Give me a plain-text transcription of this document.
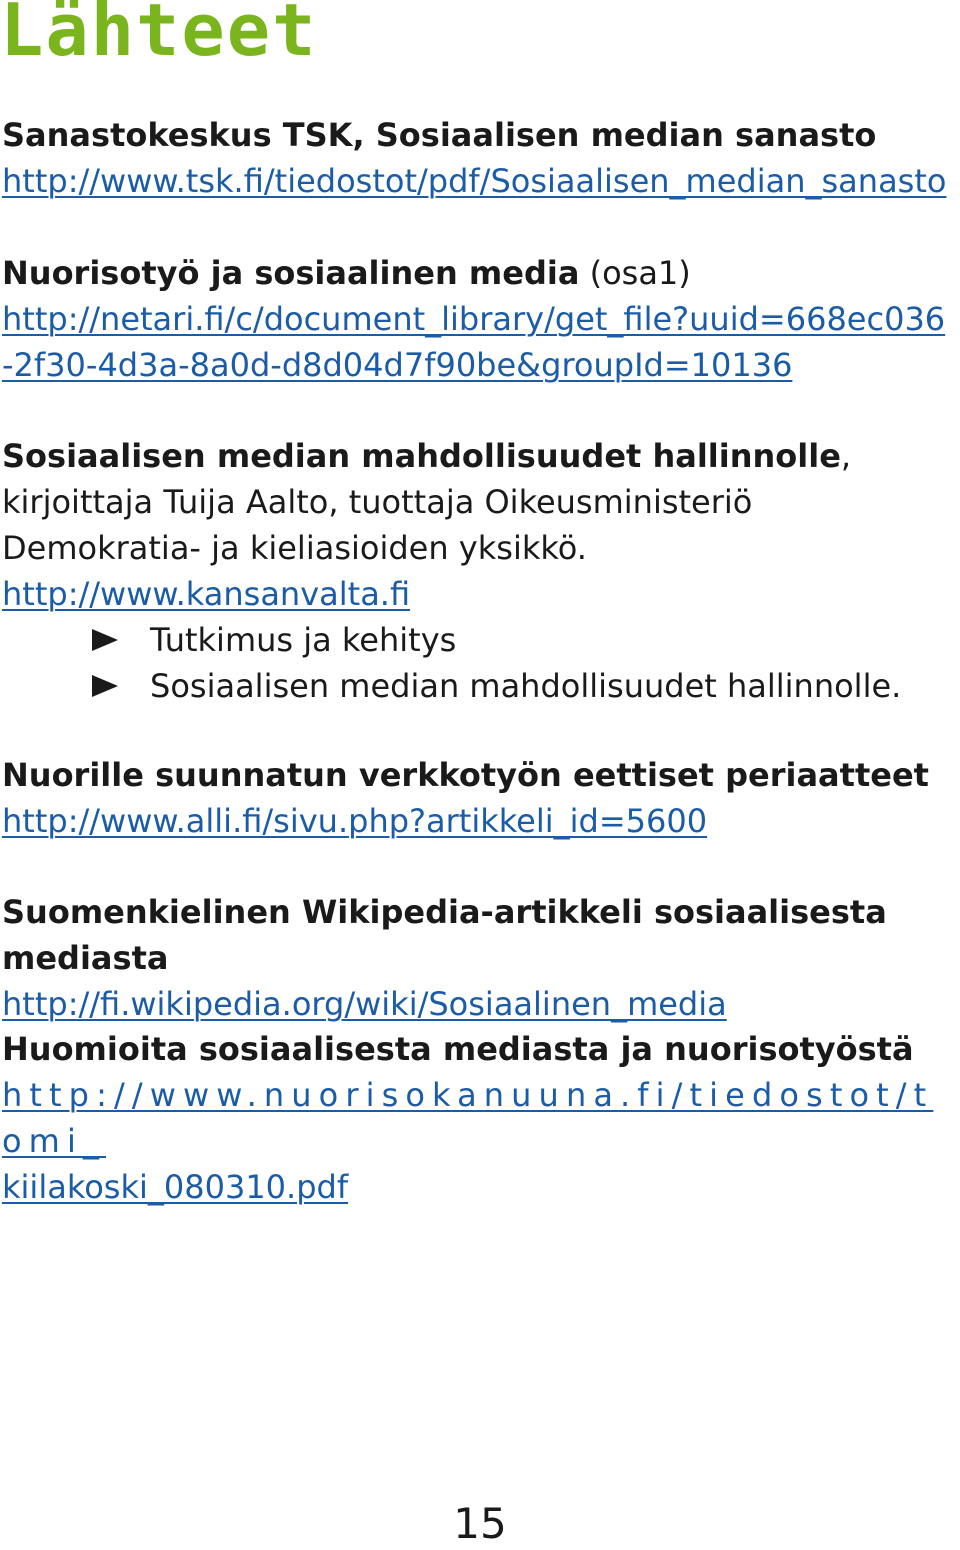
Lähteet
Sanastokeskus TSK, Sosiaalisen median sanasto
http://www.tsk.fi/tiedostot/pdf/Sosiaalisen_median_sanasto
Nuorisotyö ja sosiaalinen media (osa1)
http://netari.fi/c/document_library/get_file?uuid=668ec036-2f30-4d3a-8a0d-d8d04d7f90be&groupId=10136
Sosiaalisen median mahdollisuudet hallinnolle, kirjoittaja Tuija Aalto, tuottaja Oikeusministeriö Demokratia- ja kieliasioiden yksikkö.
http://www.kansanvalta.fi
Tutkimus ja kehitys
Sosiaalisen median mahdollisuudet hallinnolle.
Nuorille suunnatun verkkotyön eettiset periaatteet
http://www.alli.fi/sivu.php?artikkeli_id=5600
Suomenkielinen Wikipedia-artikkeli sosiaalisesta mediasta
http://fi.wikipedia.org/wiki/Sosiaalinen_media
Huomioita sosiaalisesta mediasta ja nuorisotyöstä
http://www.nuorisokanuuna.fi/tiedostot/tomi_
kiilakoski_080310.pdf
15
